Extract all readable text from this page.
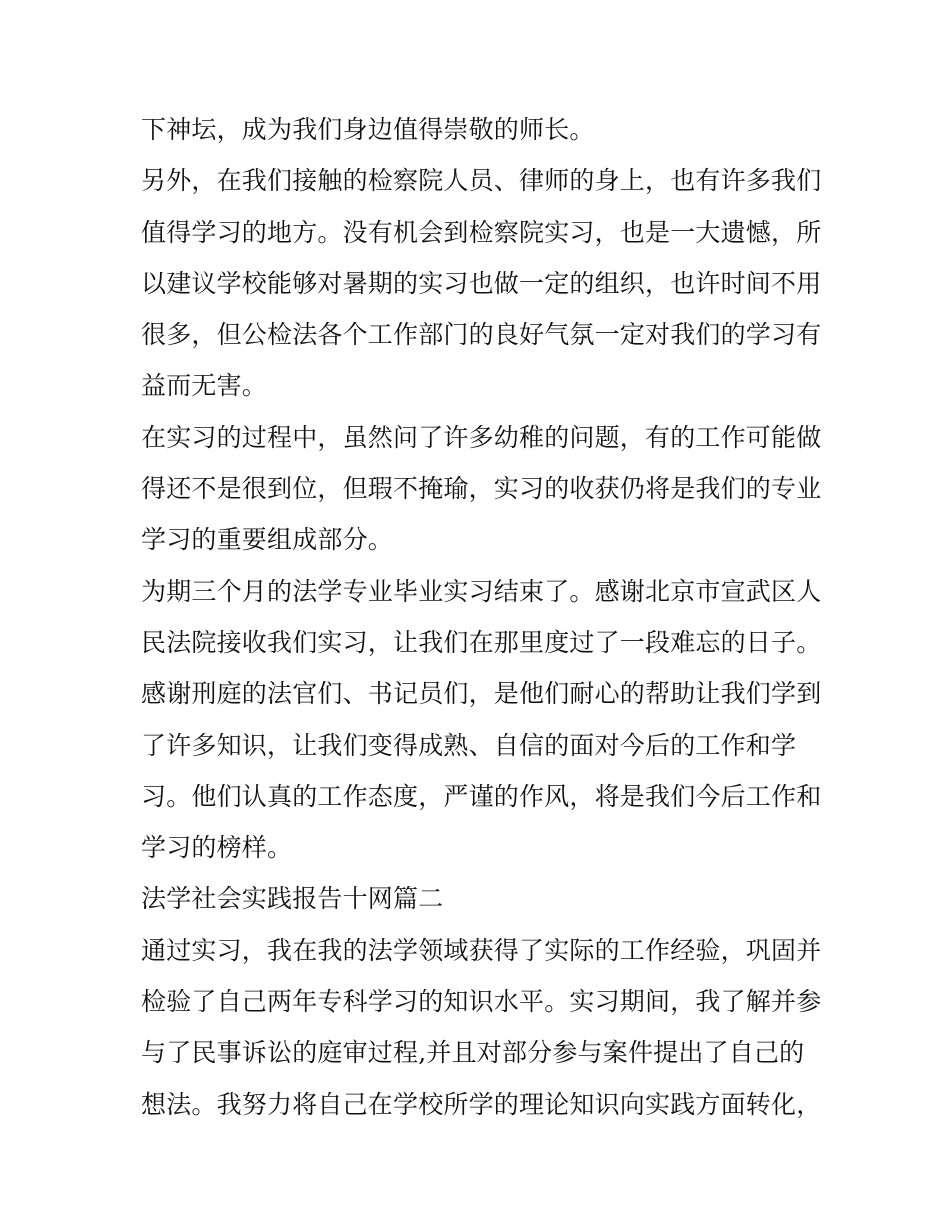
下神坛，成为我们身边值得崇敬的师长。
另外，在我们接触的检察院人员、律师的身上，也有许多我们
值得学习的地方。没有机会到检察院实习，也是一大遗憾，所
以建议学校能够对暑期的实习也做一定的组织，也许时间不用
很多，但公检法各个工作部门的良好气氛一定对我们的学习有
益而无害。
在实习的过程中，虽然问了许多幼稚的问题，有的工作可能做
得还不是很到位，但瑕不掩瑜，实习的收获仍将是我们的专业
学习的重要组成部分。
为期三个月的法学专业毕业实习结束了。感谢北京市宣武区人
民法院接收我们实习，让我们在那里度过了一段难忘的日子。
感谢刑庭的法官们、书记员们，是他们耐心的帮助让我们学到
了许多知识，让我们变得成熟、自信的面对今后的工作和学
习。他们认真的工作态度，严谨的作风，将是我们今后工作和
学习的榜样。
法学社会实践报告十网篇二
通过实习，我在我的法学领域获得了实际的工作经验，巩固并
检验了自己两年专科学习的知识水平。实习期间，我了解并参
与了民事诉讼的庭审过程,并且对部分参与案件提出了自己的
想法。我努力将自己在学校所学的理论知识向实践方面转化，
